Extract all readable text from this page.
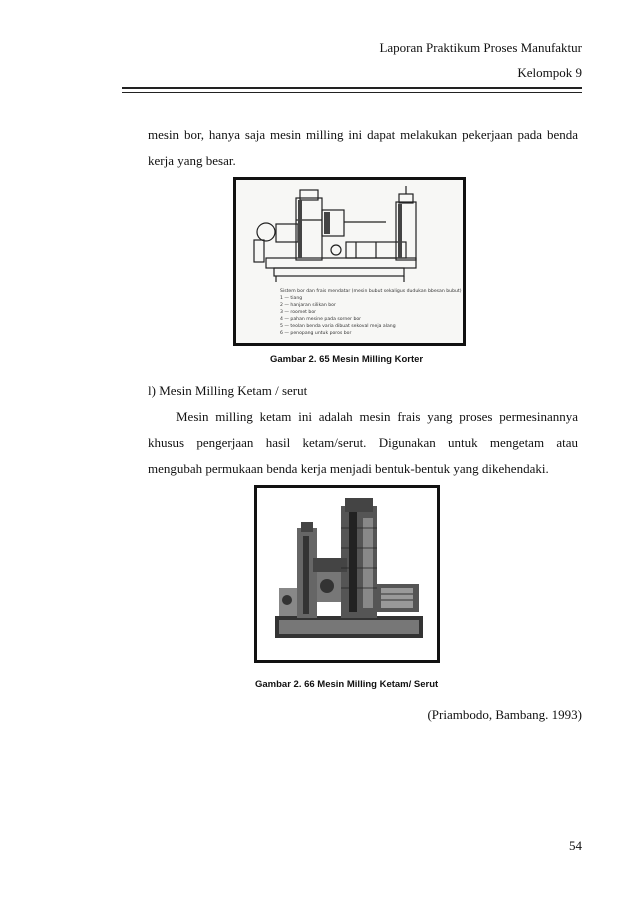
Laporan Praktikum Proses Manufaktur
Kelompok 9
mesin bor, hanya saja mesin milling ini dapat melakukan pekerjaan pada benda
kerja yang besar.
Sistem bor dan frais mendatar (mesin bubut sekaligus dudukan bbesan bubut)
1 — tiang
2 — hanjaran silikan bor
3 — roomet bor
4 — pahan mesine pada sorner bor
5 — teolan benda varia dibuat sekoval meja alang
6 — penopang untuk poros bor
Gambar 2. 65 Mesin Milling Korter
l) Mesin Milling Ketam / serut
Mesin milling ketam ini adalah mesin frais yang proses permesinannya
khusus pengerjaan hasil ketam/serut. Digunakan untuk mengetam atau
mengubah permukaan benda kerja menjadi bentuk-bentuk yang dikehendaki.
Gambar 2. 66 Mesin Milling Ketam/ Serut
(Priambodo, Bambang. 1993)
54
